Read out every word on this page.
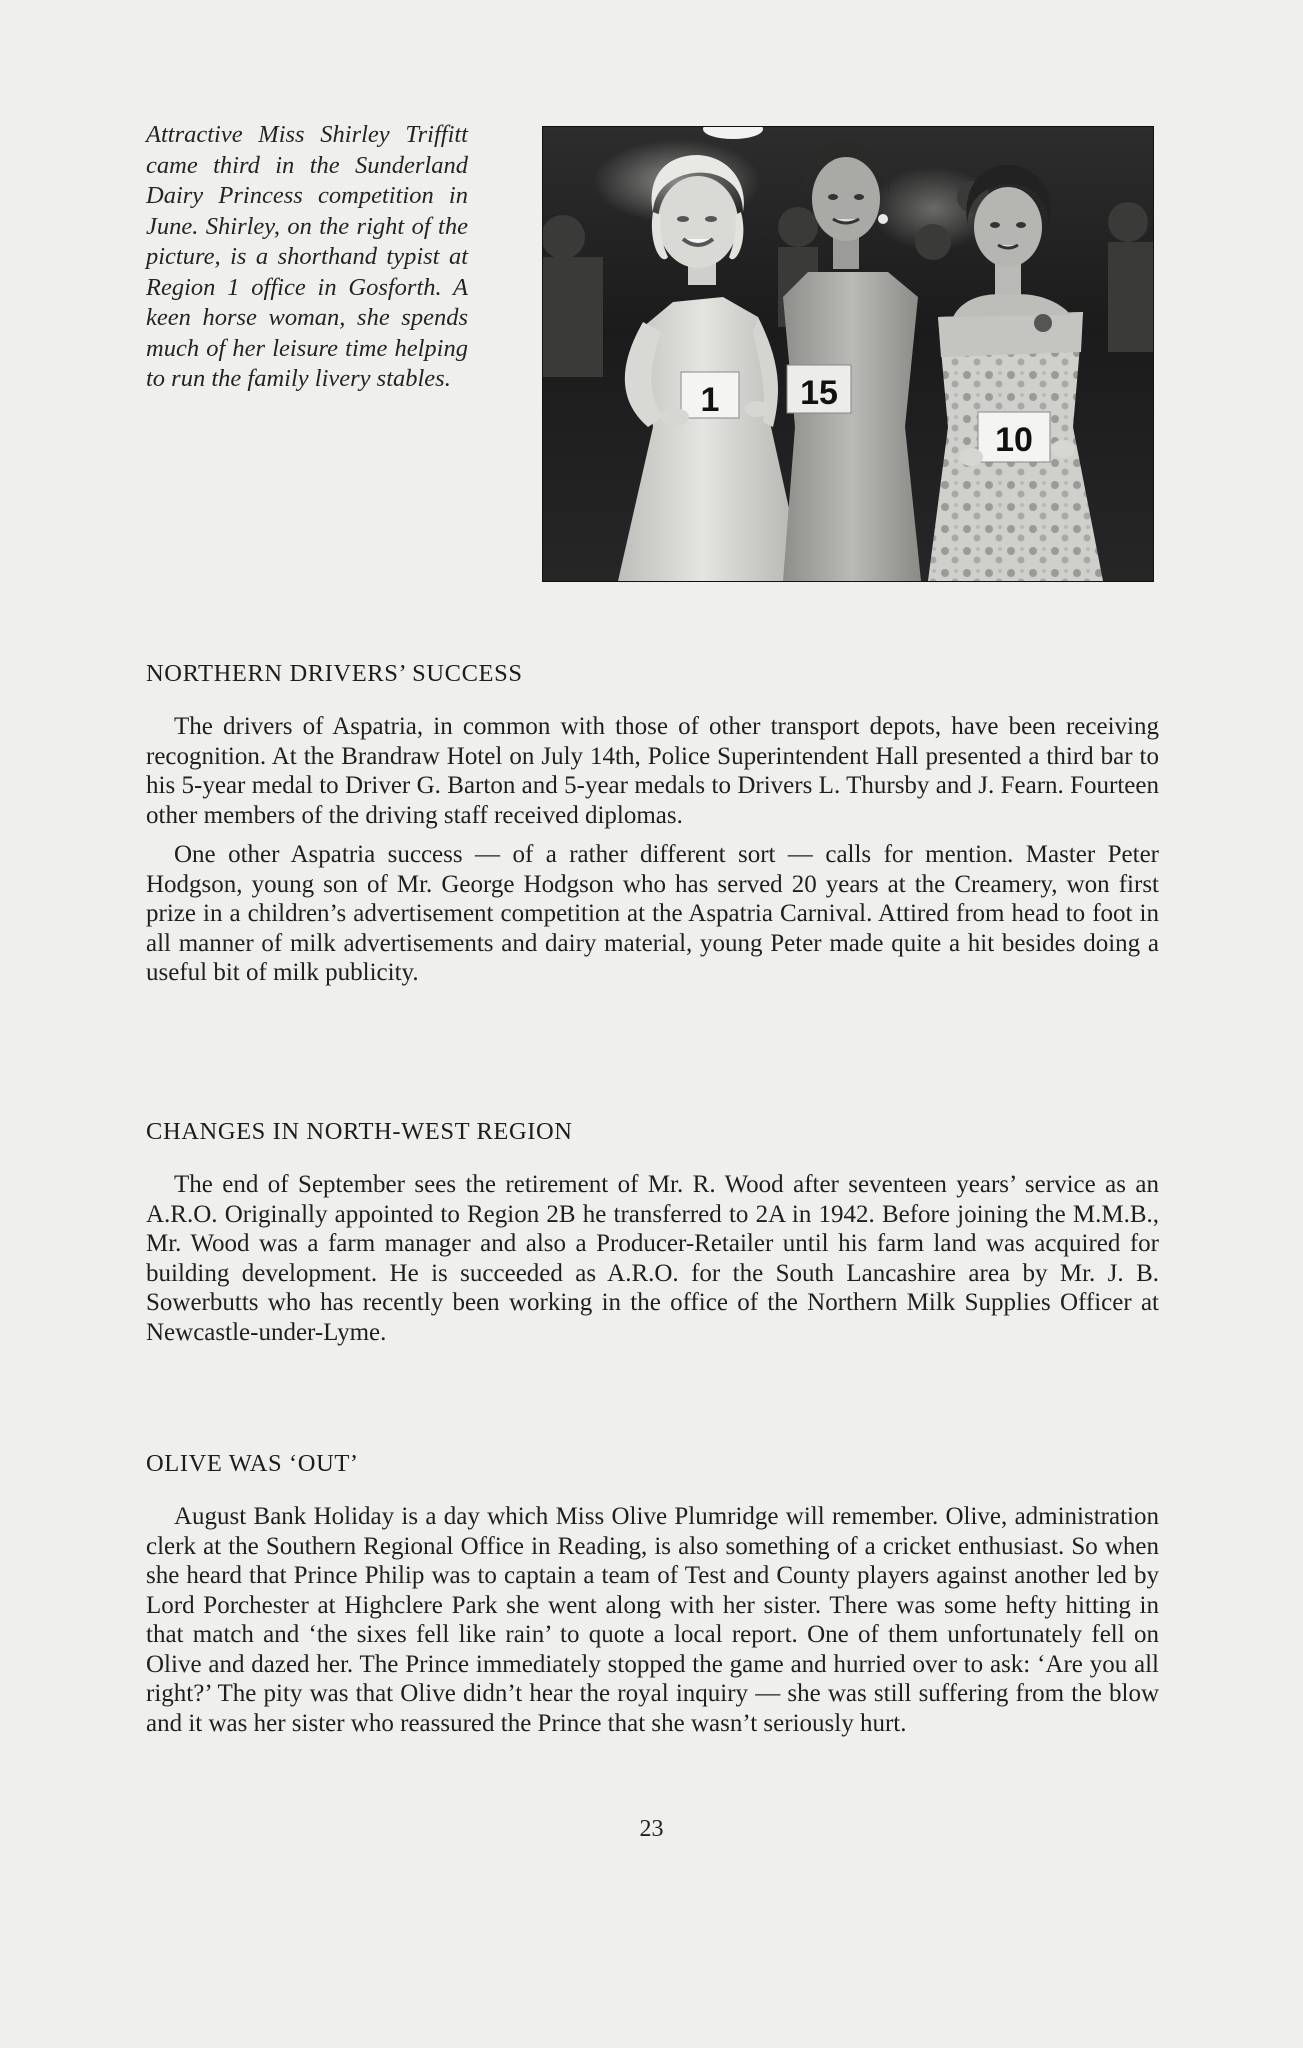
Attractive Miss Shirley Triffitt came third in the Sunderland Dairy Princess competition in June. Shirley, on the right of the picture, is a shorthand typist at Region 1 office in Gosforth. A keen horse woman, she spends much of her leisure time helping to run the family livery stables.

1 15
10
NORTHERN DRIVERS’ SUCCESS

The drivers of Aspatria, in common with those of other transport depots, have been receiving recognition. At the Brandraw Hotel on July 14th, Police Superintendent Hall presented a third bar to his 5-year medal to Driver G. Barton and 5-year medals to Drivers L. Thursby and J. Fearn. Fourteen other members of the driving staff received diplomas.

One other Aspatria success — of a rather different sort — calls for mention. Master Peter Hodgson, young son of Mr. George Hodgson who has served 20 years at the Creamery, won first prize in a children’s advertisement competition at the Aspatria Carnival. Attired from head to foot in all manner of milk advertisements and dairy material, young Peter made quite a hit besides doing a useful bit of milk publicity.

CHANGES IN NORTH-WEST REGION

The end of September sees the retirement of Mr. R. Wood after seventeen years’ service as an A.R.O. Originally appointed to Region 2B he transferred to 2A in 1942. Before joining the M.M.B., Mr. Wood was a farm manager and also a Producer-Retailer until his farm land was acquired for building development. He is succeeded as A.R.O. for the South Lancashire area by Mr. J. B. Sowerbutts who has recently been working in the office of the Northern Milk Supplies Officer at Newcastle-under-Lyme.

OLIVE WAS ‘OUT’

August Bank Holiday is a day which Miss Olive Plumridge will remember. Olive, administration clerk at the Southern Regional Office in Reading, is also something of a cricket enthusiast. So when she heard that Prince Philip was to captain a team of Test and County players against another led by Lord Porchester at Highclere Park she went along with her sister. There was some hefty hitting in that match and ‘the sixes fell like rain’ to quote a local report. One of them unfortunately fell on Olive and dazed her. The Prince immediately stopped the game and hurried over to ask: ‘Are you all right?’ The pity was that Olive didn’t hear the royal inquiry — she was still suffering from the blow and it was her sister who reassured the Prince that she wasn’t seriously hurt.

23
